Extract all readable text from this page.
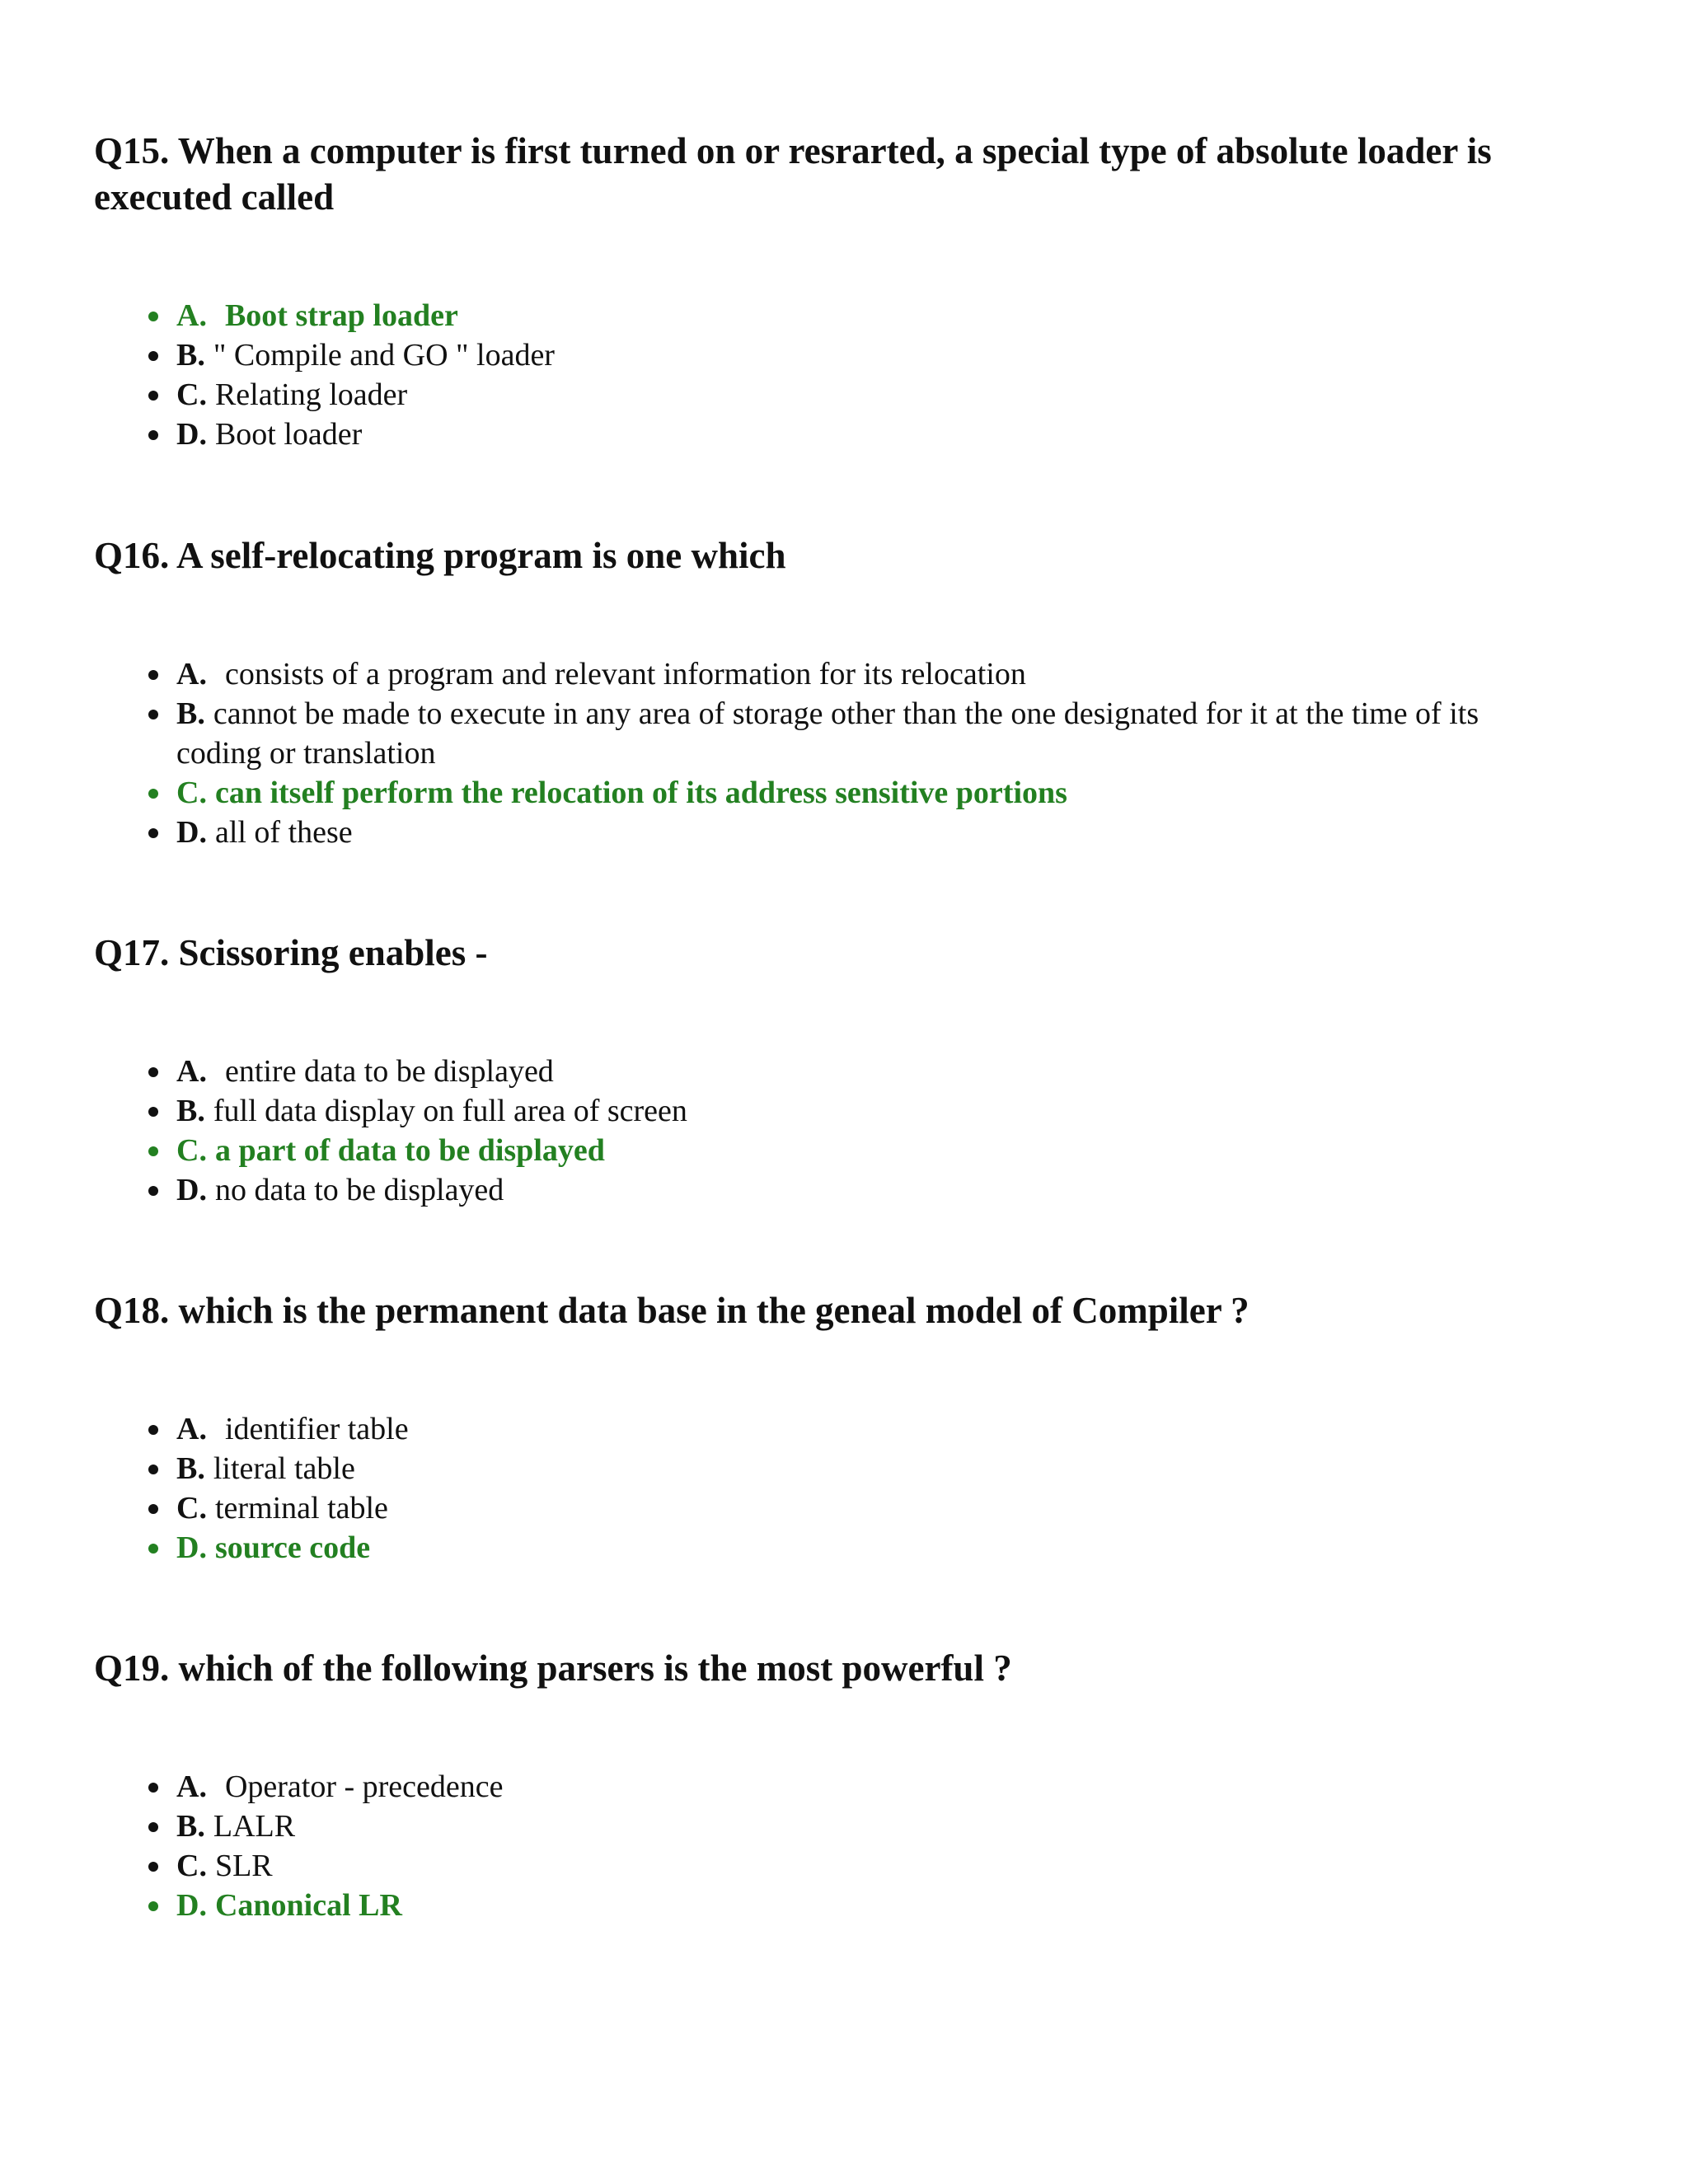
Q15. When a computer is first turned on or resrarted, a special type of absolute loader is executed called
A. Boot strap loader
B. " Compile and GO " loader
C. Relating loader
D. Boot loader
Q16. A self-relocating program is one which
A. consists of a program and relevant information for its relocation
B. cannot be made to execute in any area of storage other than the one designated for it at the time of its coding or translation
C. can itself perform the relocation of its address sensitive portions
D. all of these
Q17. Scissoring enables -
A. entire data to be displayed
B. full data display on full area of screen
C. a part of data to be displayed
D. no data to be displayed
Q18. which is the permanent data base in the geneal model of Compiler ?
A. identifier table
B. literal table
C. terminal table
D. source code
Q19. which of the following parsers is the most powerful ?
A. Operator - precedence
B. LALR
C. SLR
D. Canonical LR
